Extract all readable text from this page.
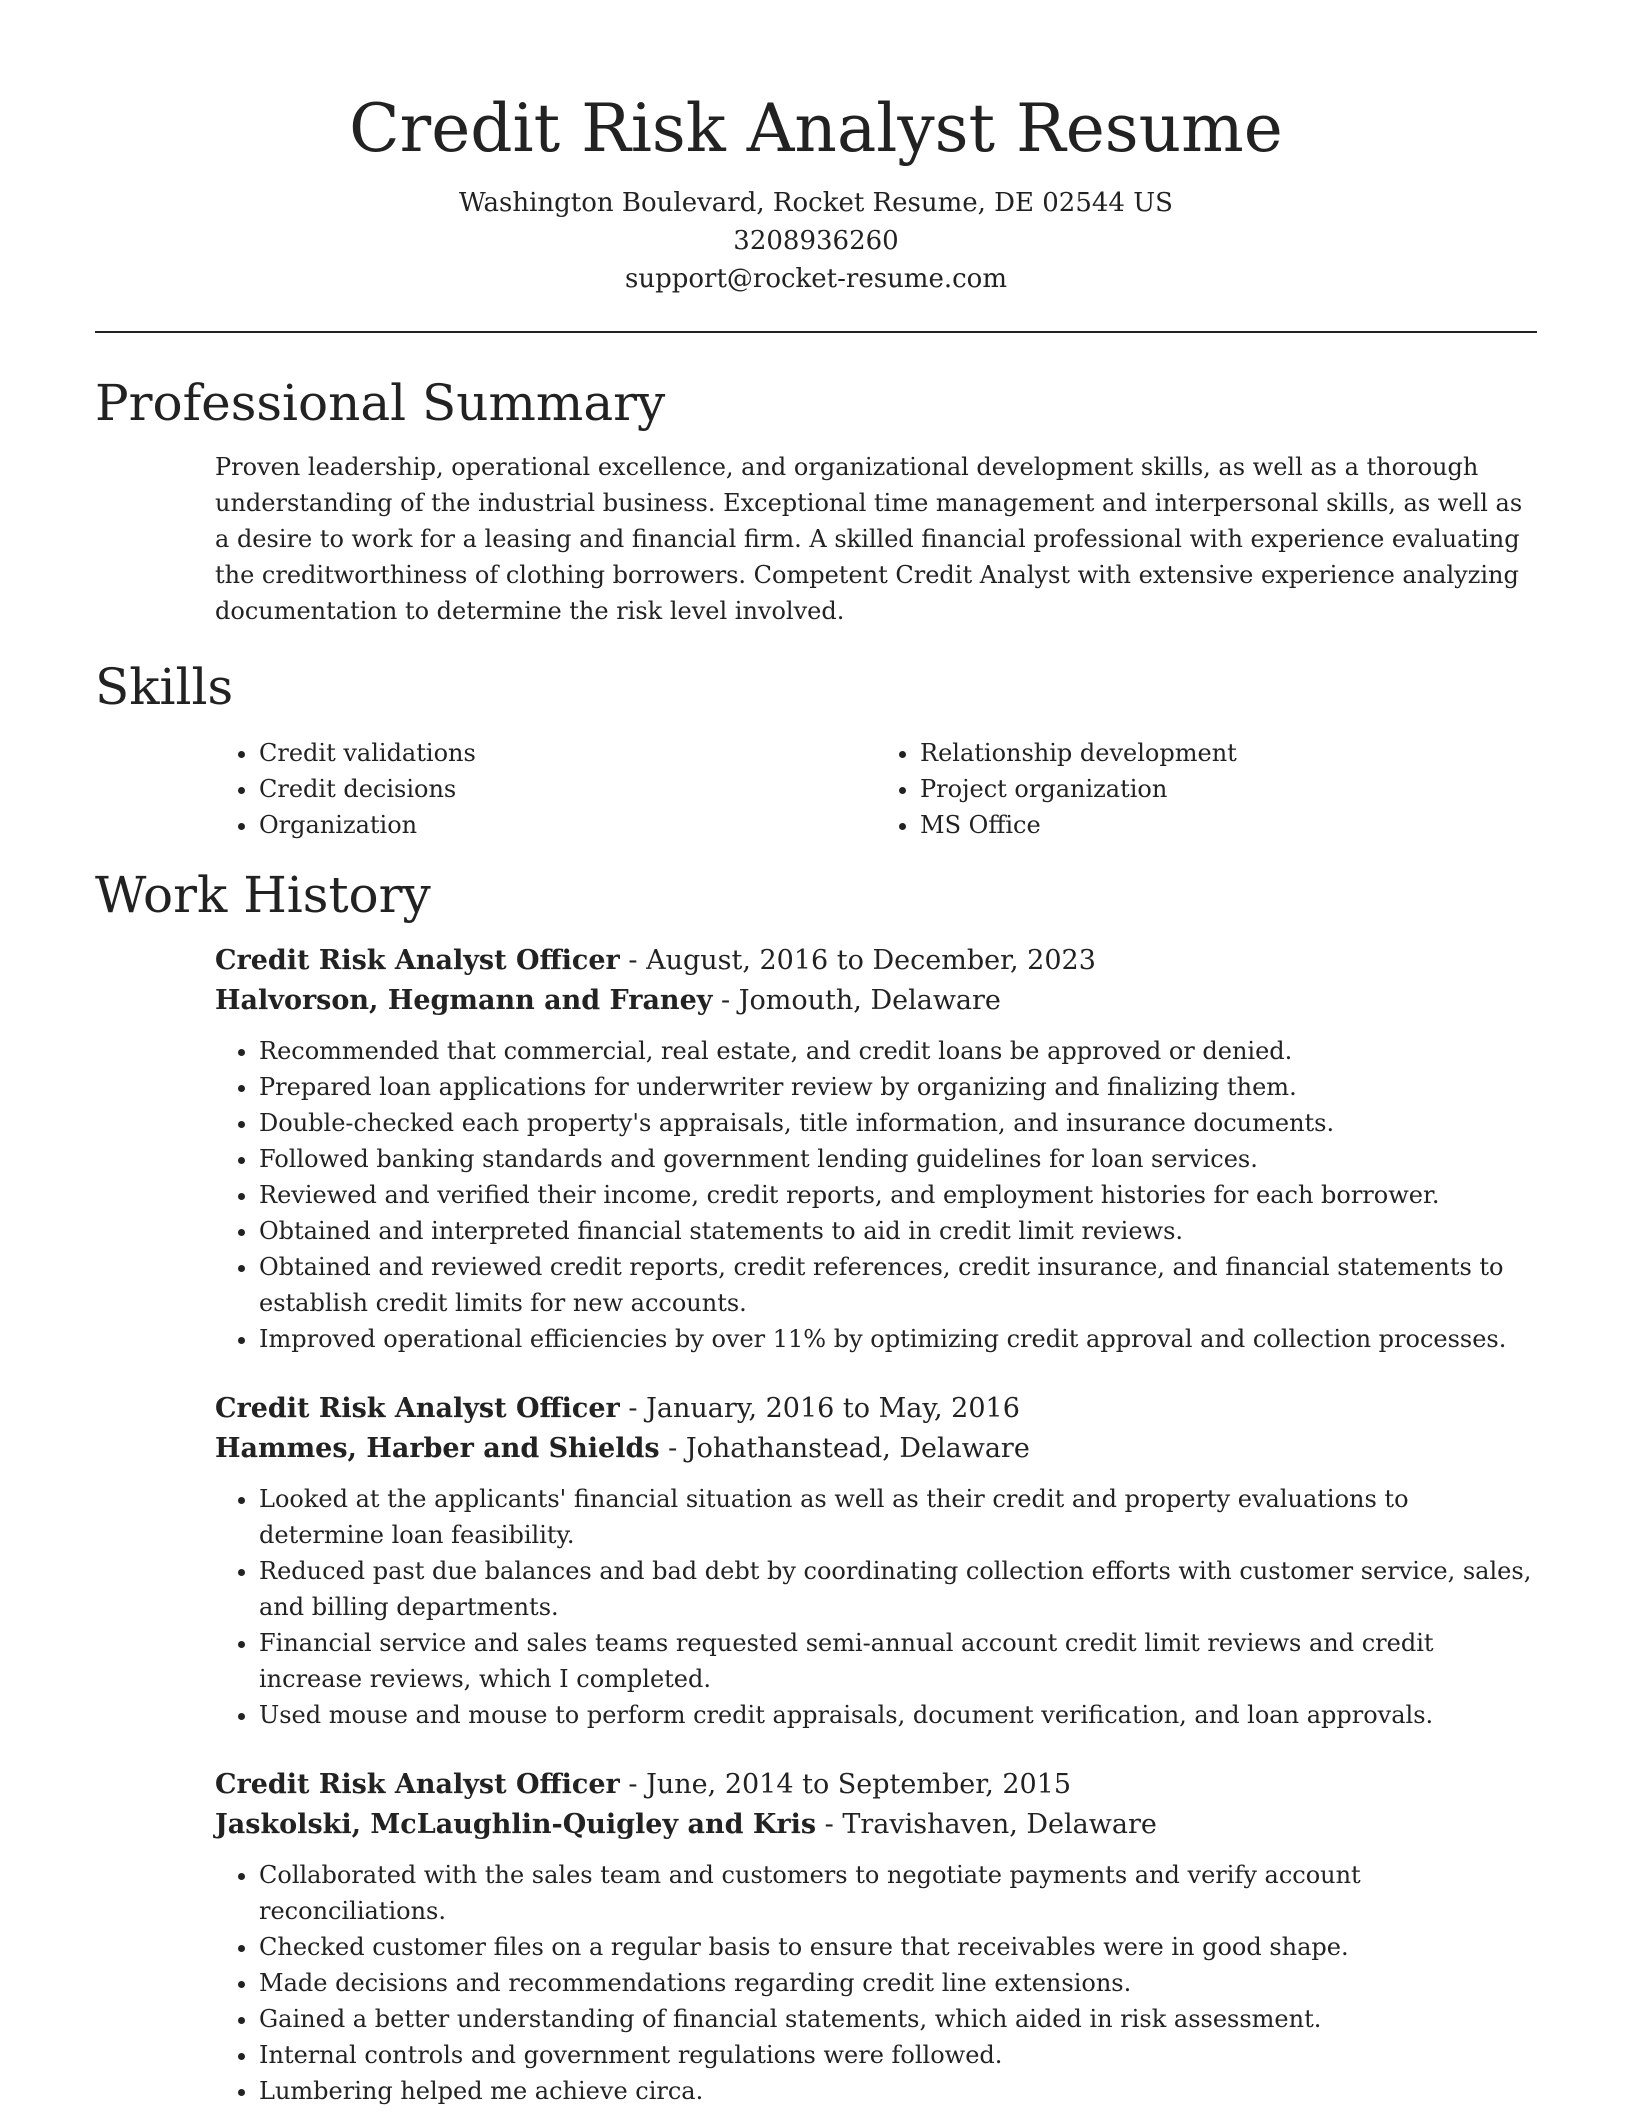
Credit Risk Analyst Resume
Washington Boulevard, Rocket Resume, DE 02544 US
3208936260
support@rocket-resume.com
Professional Summary

Proven leadership, operational excellence, and organizational development skills, as well as a thorough understanding of the industrial business. Exceptional time management and interpersonal skills, as well as a desire to work for a leasing and financial firm. A skilled financial professional with experience evaluating the creditworthiness of clothing borrowers. Competent Credit Analyst with extensive experience analyzing documentation to determine the risk level involved.

Skills
• Credit validations
• Credit decisions
• Organization
• Relationship development
• Project organization
• MS Office
Work History
Credit Risk Analyst Officer - August, 2016 to December, 2023
Halvorson, Hegmann and Franey - Jomouth, Delaware
• Recommended that commercial, real estate, and credit loans be approved or denied.
• Prepared loan applications for underwriter review by organizing and finalizing them.
• Double-checked each property's appraisals, title information, and insurance documents.
• Followed banking standards and government lending guidelines for loan services.
• Reviewed and verified their income, credit reports, and employment histories for each borrower.
• Obtained and interpreted financial statements to aid in credit limit reviews.
• Obtained and reviewed credit reports, credit references, credit insurance, and financial statements to establish credit limits for new accounts.
• Improved operational efficiencies by over 11% by optimizing credit approval and collection processes.
Credit Risk Analyst Officer - January, 2016 to May, 2016
Hammes, Harber and Shields - Johathanstead, Delaware
• Looked at the applicants' financial situation as well as their credit and property evaluations to determine loan feasibility.
• Reduced past due balances and bad debt by coordinating collection efforts with customer service, sales, and billing departments.
• Financial service and sales teams requested semi-annual account credit limit reviews and credit increase reviews, which I completed.
• Used mouse and mouse to perform credit appraisals, document verification, and loan approvals.
Credit Risk Analyst Officer - June, 2014 to September, 2015
Jaskolski, McLaughlin-Quigley and Kris - Travishaven, Delaware
• Collaborated with the sales team and customers to negotiate payments and verify account reconciliations.
• Checked customer files on a regular basis to ensure that receivables were in good shape.
• Made decisions and recommendations regarding credit line extensions.
• Gained a better understanding of financial statements, which aided in risk assessment.
• Internal controls and government regulations were followed.
• Lumbering helped me achieve circa.
